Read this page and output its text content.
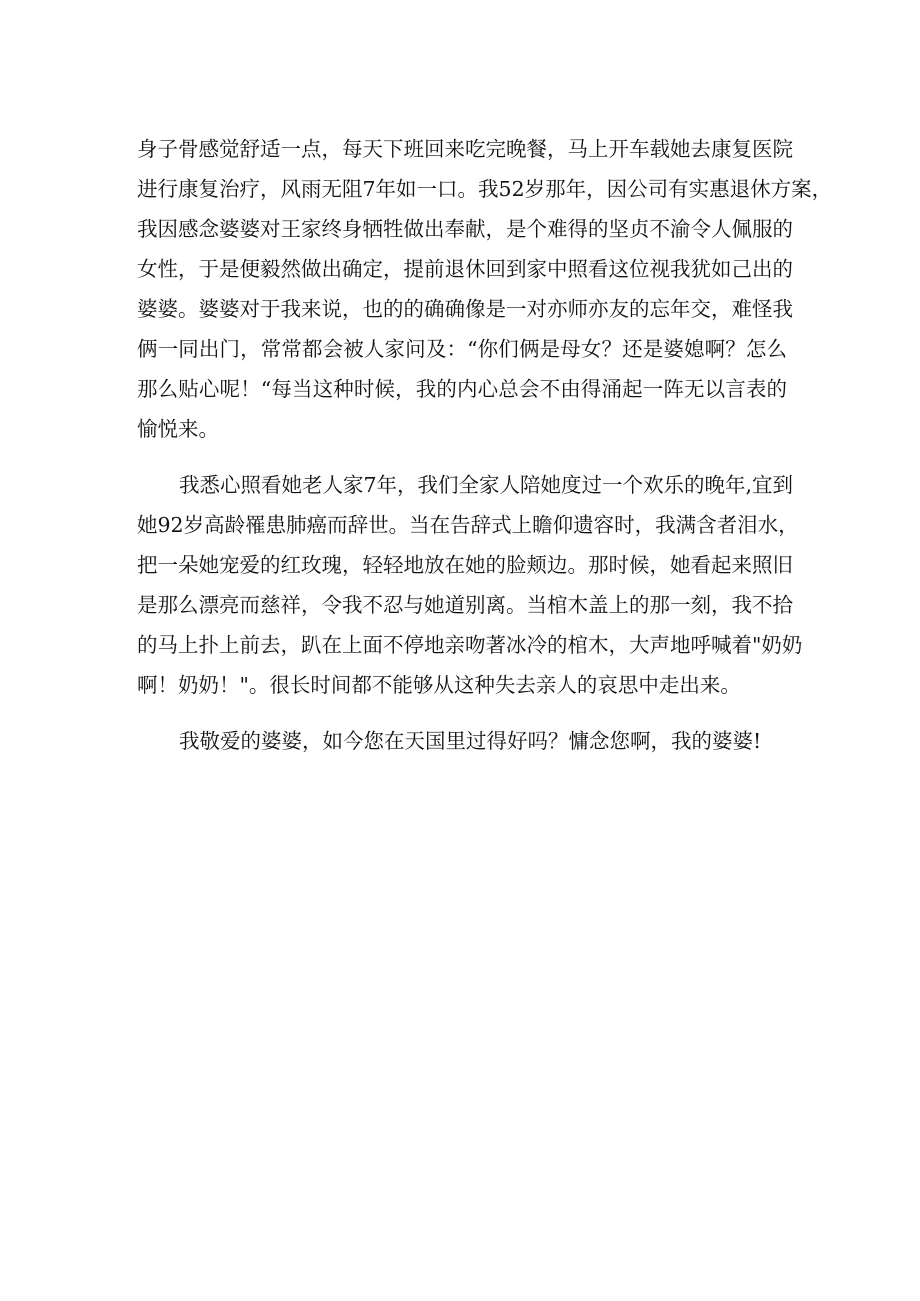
身子骨感觉舒适一点，每天下班回来吃完晚餐，马上开车载她去康复医院
进行康复治疗，风雨无阻7年如一口。我52岁那年，因公司有实惠退休方案，
我因感念婆婆对王家终身牺牲做出奉献，是个难得的坚贞不渝令人佩服的
女性，于是便毅然做出确定，提前退休回到家中照看这位视我犹如己出的
婆婆。婆婆对于我来说，也的的确确像是一对亦师亦友的忘年交，难怪我
俩一同出门，常常都会被人家问及：“你们俩是母女？还是婆媳啊？怎么
那么贴心呢！“每当这种时候，我的内心总会不由得涌起一阵无以言表的
愉悦来。
我悉心照看她老人家7年，我们全家人陪她度过一个欢乐的晚年,宜到
她92岁高龄罹患肺癌而辞世。当在告辞式上瞻仰遗容时，我满含者泪水，
把一朵她宠爱的红玫瑰，轻轻地放在她的脸颊边。那时候，她看起来照旧
是那么漂亮而慈祥，令我不忍与她道别离。当棺木盖上的那一刻，我不拾
的马上扑上前去，趴在上面不停地亲吻著冰冷的棺木，大声地呼喊着"奶奶
啊！奶奶！"。很长时间都不能够从这种失去亲人的哀思中走出来。
我敬爱的婆婆，如今您在天国里过得好吗？慵念您啊，我的婆婆!
